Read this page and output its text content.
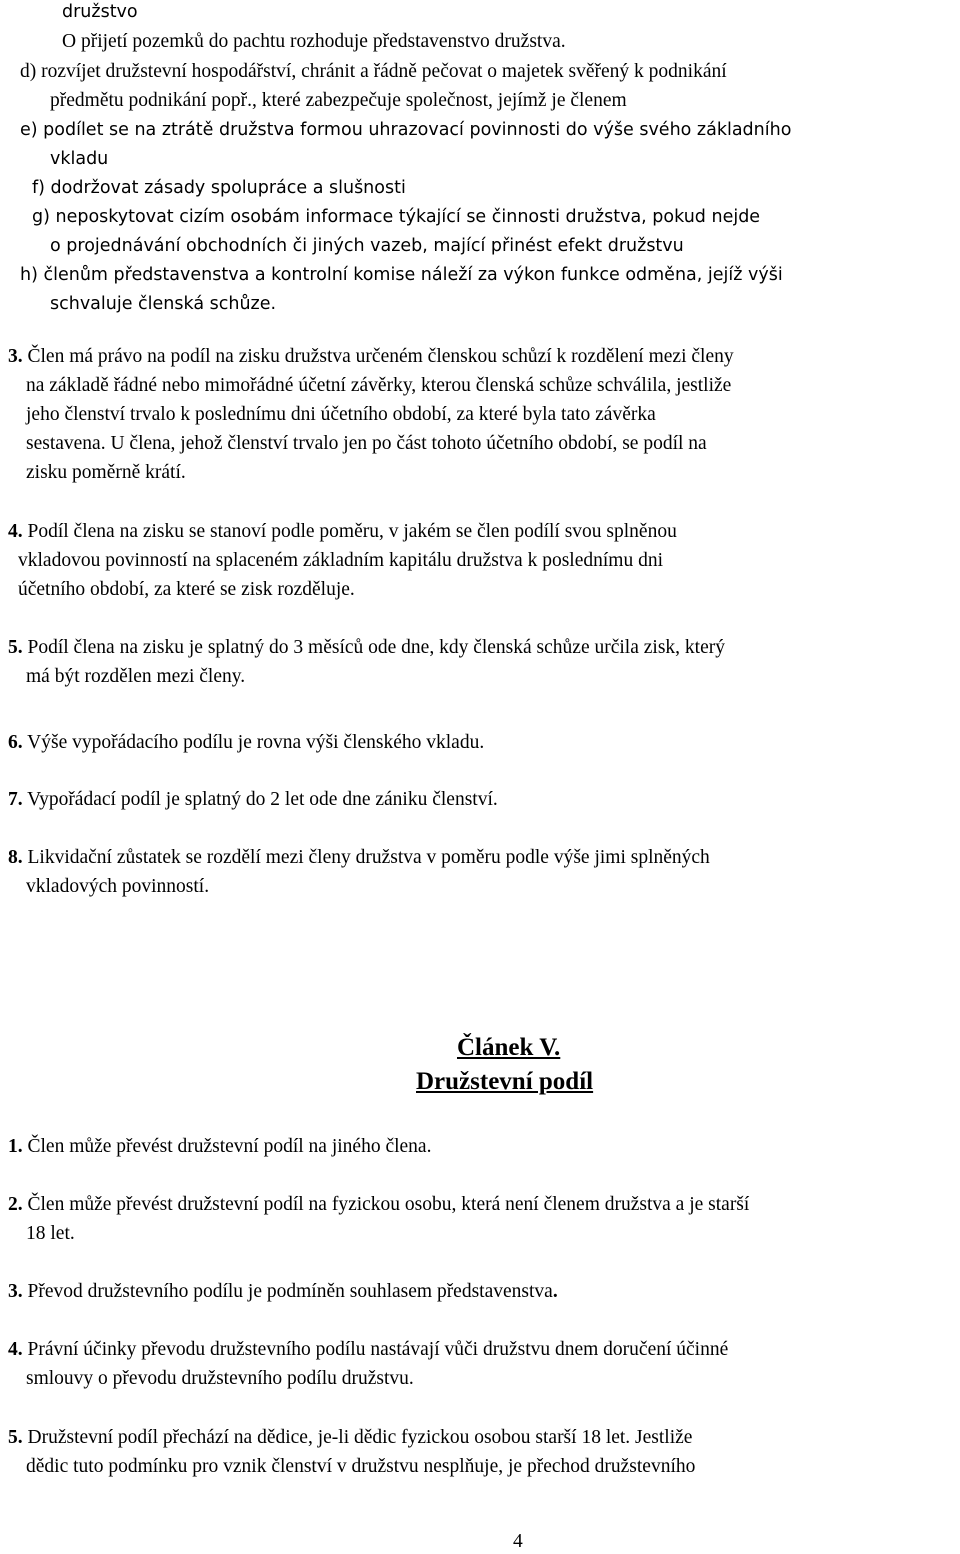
družstvo
O přijetí pozemků do pachtu rozhoduje představenstvo družstva.
d) rozvíjet družstevní hospodářství, chránit a řádně pečovat o majetek svěřený k podnikání
předmětu podnikání popř., které zabezpečuje společnost, jejímž je členem
e) podílet se na ztrátě družstva formou uhrazovací povinnosti do výše svého základního
vkladu
f) dodržovat zásady spolupráce a slušnosti
g) neposkytovat cizím osobám informace týkající se činnosti družstva, pokud nejde
o projednávání obchodních či jiných vazeb, mající přinést efekt družstvu
h) členům představenstva a kontrolní komise náleží za výkon funkce odměna, jejíž výši
schvaluje členská schůze.
3. Člen má právo na podíl na zisku družstva určeném členskou schůzí k rozdělení mezi členy
na základě řádné nebo mimořádné účetní závěrky, kterou členská schůze schválila, jestliže
jeho členství trvalo k poslednímu dni účetního období, za které byla tato závěrka
sestavena. U člena, jehož členství trvalo jen po část tohoto účetního období, se podíl na
zisku poměrně krátí.
4. Podíl člena na zisku se stanoví podle poměru, v jakém se člen podílí svou splněnou
vkladovou povinností na splaceném základním kapitálu družstva k poslednímu dni
účetního období, za které se zisk rozděluje.
5. Podíl člena na zisku je splatný do 3 měsíců ode dne, kdy členská schůze určila zisk, který
má být rozdělen mezi členy.
6. Výše vypořádacího podílu je rovna výši členského vkladu.
7. Vypořádací podíl je splatný do 2 let ode dne zániku členství.
8. Likvidační zůstatek se rozdělí mezi členy družstva v poměru podle výše jimi splněných
vkladových povinností.
Článek V.
Družstevní podíl
1. Člen může převést družstevní podíl na jiného člena.
2. Člen může převést družstevní podíl na fyzickou osobu, která není členem družstva a je starší
18 let.
3. Převod družstevního podílu je podmíněn souhlasem představenstva.
4. Právní účinky převodu družstevního podílu nastávají vůči družstvu dnem doručení účinné
smlouvy o převodu družstevního podílu družstvu.
5. Družstevní podíl přechází na dědice, je-li dědic fyzickou osobou starší 18 let. Jestliže
dědic tuto podmínku pro vznik členství v družstvu nesplňuje, je přechod družstevního
4
